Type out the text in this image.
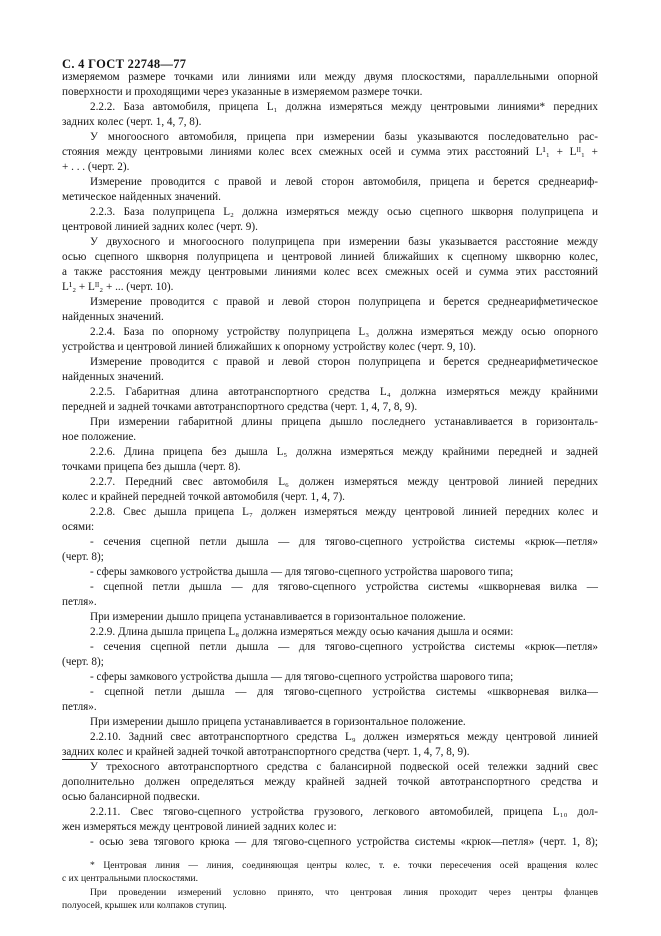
С. 4 ГОСТ 22748—77
измеряемом размере точками или линиями или между двумя плоскостями, параллельными опорной
поверхности и проходящими через указанные в измеряемом размере точки.
2.2.2. База автомобиля, прицепа L₁ должна измеряться между центровыми линиями* передних
задних колес (черт. 1, 4, 7, 8).
У многоосного автомобиля, прицепа при измерении базы указываются последовательно рас-
стояния между центровыми линиями колес всех смежных осей и сумма этих расстояний L¹₁ + Lᴵᴵ₁ +
+ . . . (черт. 2).
Измерение проводится с правой и левой сторон автомобиля, прицепа и берется среднеариф-
метическое найденных значений.
2.2.3. База полуприцепа L₂ должна измеряться между осью сцепного шкворня полуприцепа и
центровой линией задних колес (черт. 9).
У двухосного и многоосного полуприцепа при измерении базы указывается расстояние между
осью сцепного шкворня полуприцепа и центровой линией ближайших к сцепному шкворню колес,
а также расстояния между центровыми линиями колес всех смежных осей и сумма этих расстояний
L¹₂ + Lᴵᴵ₂ + ... (черт. 10).
Измерение проводится с правой и левой сторон полуприцепа и берется среднеарифметическое
найденных значений.
2.2.4. База по опорному устройству полуприцепа L₃ должна измеряться между осью опорного
устройства и центровой линией ближайших к опорному устройству колес (черт. 9, 10).
Измерение проводится с правой и левой сторон полуприцепа и берется среднеарифметическое
найденных значений.
2.2.5. Габаритная длина автотранспортного средства L₄ должна измеряться между крайними
передней и задней точками автотранспортного средства (черт. 1, 4, 7, 8, 9).
При измерении габаритной длины прицепа дышло последнего устанавливается в горизонталь-
ное положение.
2.2.6. Длина прицепа без дышла L₅ должна измеряться между крайними передней и задней
точками прицепа без дышла (черт. 8).
2.2.7. Передний свес автомобиля L₆ должен измеряться между центровой линией передних
колес и крайней передней точкой автомобиля (черт. 1, 4, 7).
2.2.8. Свес дышла прицепа L₇ должен измеряться между центровой линией передних колес и
осями:
- сечения сцепной петли дышла — для тягово-сцепного устройства системы «крюк—петля»
(черт. 8);
- сферы замкового устройства дышла — для тягово-сцепного устройства шарового типа;
- сцепной петли дышла — для тягово-сцепного устройства системы «шкворневая вилка —
петля».
При измерении дышло прицепа устанавливается в горизонтальное положение.
2.2.9. Длина дышла прицепа L₈ должна измеряться между осью качания дышла и осями:
- сечения сцепной петли дышла — для тягово-сцепного устройства системы «крюк—петля»
(черт. 8);
- сферы замкового устройства дышла — для тягово-сцепного устройства шарового типа;
- сцепной петли дышла — для тягово-сцепного устройства системы «шкворневая вилка—
петля».
При измерении дышло прицепа устанавливается в горизонтальное положение.
2.2.10. Задний свес автотранспортного средства L₉ должен измеряться между центровой линией
задних колес и крайней задней точкой автотранспортного средства (черт. 1, 4, 7, 8, 9).
У трехосного автотранспортного средства с балансирной подвеской осей тележки задний свес
дополнительно должен определяться между крайней задней точкой автотранспортного средства и
осью балансирной подвески.
2.2.11. Свес тягово-сцепного устройства грузового, легкового автомобилей, прицепа L₁₀ дол-
жен измеряться между центровой линией задних колес и:
- осью зева тягового крюка — для тягово-сцепного устройства системы «крюк—петля» (черт. 1, 8);
* Центровая линия — линия, соединяющая центры колес, т. е. точки пересечения осей вращения колес
с их центральными плоскостями.
При проведении измерений условно принято, что центровая линия проходит через центры фланцев
полуосей, крышек или колпаков ступиц.
